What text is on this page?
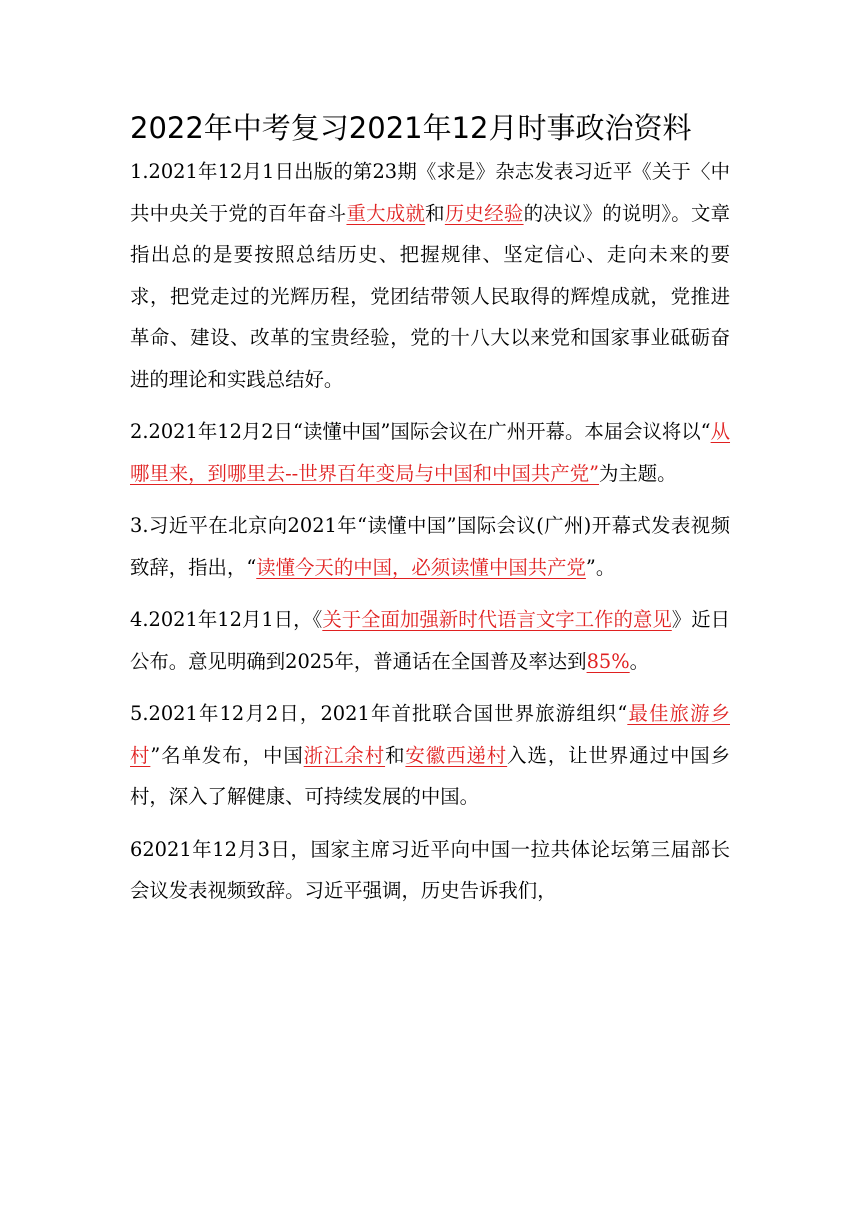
2022年中考复习2021年12月时事政治资料

1.2021年12月1日出版的第23期《求是》杂志发表习近平《关于〈中共中央关于党的百年奋斗重大成就和历史经验的决议》的说明》。文章指出总的是要按照总结历史、把握规律、坚定信心、走向未来的要求，把党走过的光辉历程，党团结带领人民取得的辉煌成就，党推进革命、建设、改革的宝贵经验，党的十八大以来党和国家事业砥砺奋进的理论和实践总结好。

2.2021年12月2日“读懂中国”国际会议在广州开幕。本届会议将以“从哪里来，到哪里去--世界百年变局与中国和中国共产党”为主题。

3.习近平在北京向2021年“读懂中国”国际会议(广州)开幕式发表视频致辞，指出，“读懂今天的中国，必须读懂中国共产党”。

4.2021年12月1日，《关于全面加强新时代语言文字工作的意见》近日公布。意见明确到2025年，普通话在全国普及率达到85%。

5.2021年12月2日，2021年首批联合国世界旅游组织“最佳旅游乡村”名单发布，中国浙江余村和安徽西递村入选，让世界通过中国乡村，深入了解健康、可持续发展的中国。

62021年12月3日，国家主席习近平向中国一拉共体论坛第三届部长会议发表视频致辞。习近平强调，历史告诉我们，
